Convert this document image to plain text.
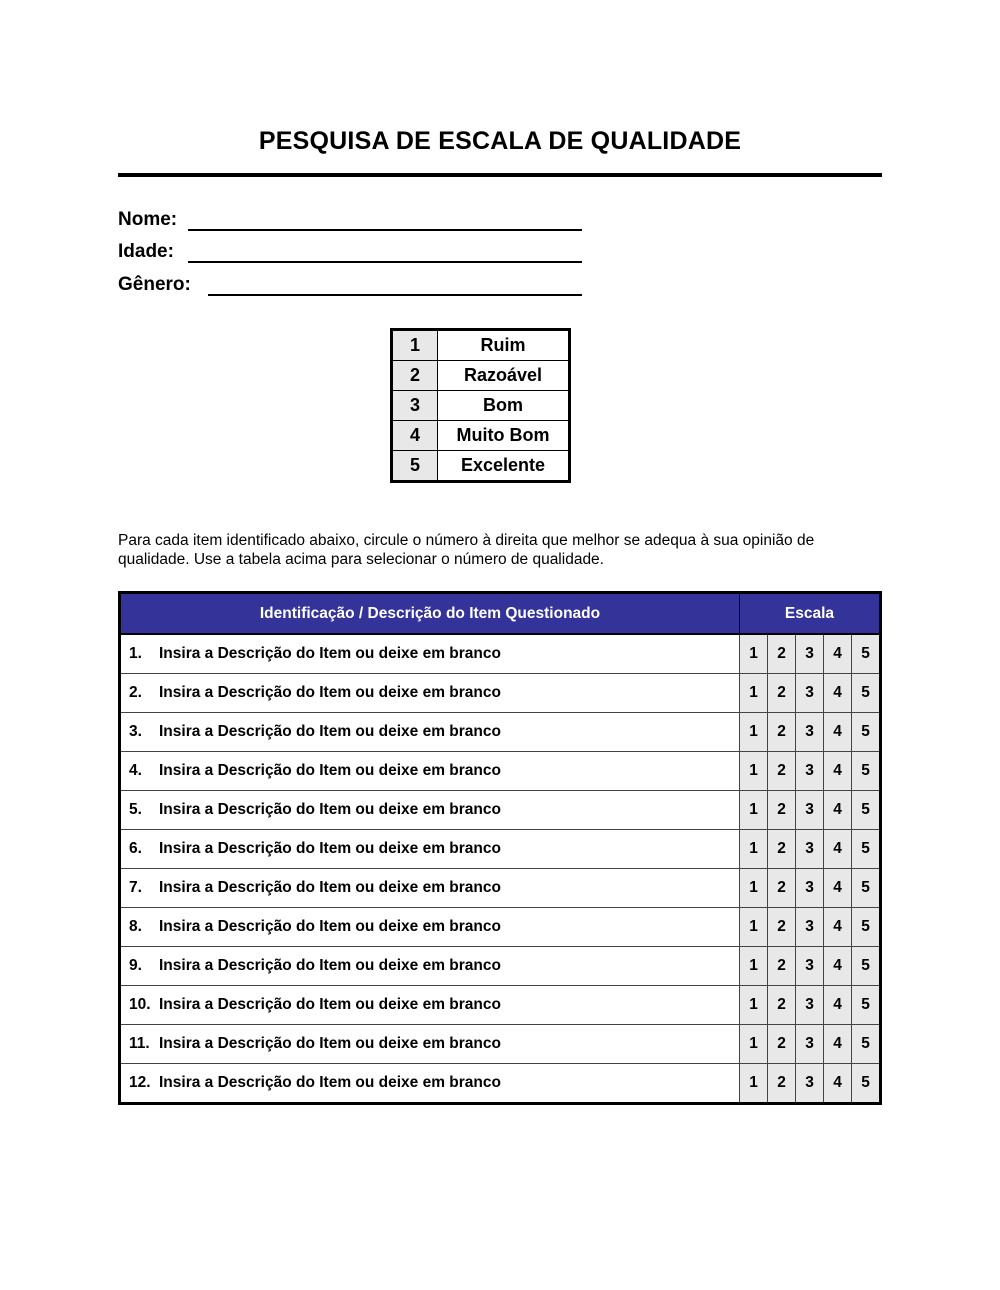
PESQUISA DE ESCALA DE QUALIDADE
Nome:
Idade:
Gênero:
1	Ruim
2	Razoável
3	Bom
4	Muito Bom
5	Excelente
Para cada item identificado abaixo, circule o número à direita que melhor se adequa à sua opinião de qualidade. Use a tabela acima para selecionar o número de qualidade.
Identificação / Descrição do Item Questionado	Escala				
1. Insira a Descrição do Item ou deixe em branco	1	2	3	4	5
2. Insira a Descrição do Item ou deixe em branco	1	2	3	4	5
3. Insira a Descrição do Item ou deixe em branco	1	2	3	4	5
4. Insira a Descrição do Item ou deixe em branco	1	2	3	4	5
5. Insira a Descrição do Item ou deixe em branco	1	2	3	4	5
6. Insira a Descrição do Item ou deixe em branco	1	2	3	4	5
7. Insira a Descrição do Item ou deixe em branco	1	2	3	4	5
8. Insira a Descrição do Item ou deixe em branco	1	2	3	4	5
9. Insira a Descrição do Item ou deixe em branco	1	2	3	4	5
10. Insira a Descrição do Item ou deixe em branco	1	2	3	4	5
11. Insira a Descrição do Item ou deixe em branco	1	2	3	4	5
12. Insira a Descrição do Item ou deixe em branco	1	2	3	4	5
